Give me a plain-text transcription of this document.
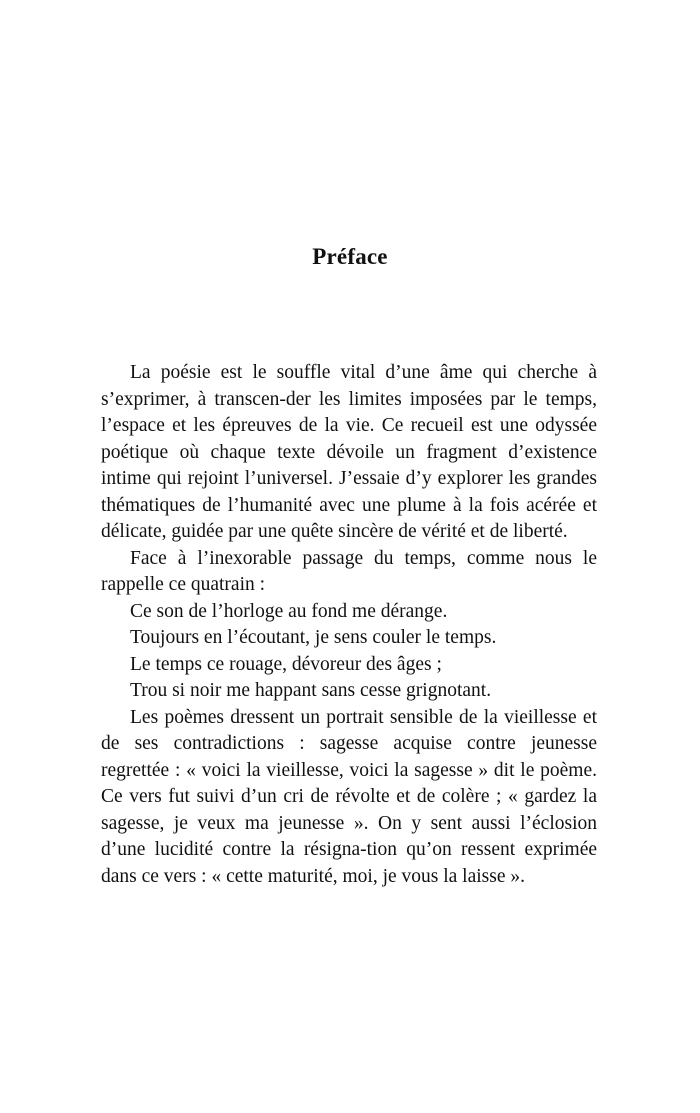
Préface

La poésie est le souffle vital d’une âme qui cherche à s’exprimer, à transcen-der les limites imposées par le temps, l’espace et les épreuves de la vie. Ce recueil est une odyssée poétique où chaque texte dévoile un fragment d’existence intime qui rejoint l’universel. J’essaie d’y explorer les grandes thématiques de l’humanité avec une plume à la fois acérée et délicate, guidée par une quête sincère de vérité et de liberté.

Face à l’inexorable passage du temps, comme nous le rappelle ce quatrain :

Ce son de l’horloge au fond me dérange.

Toujours en l’écoutant, je sens couler le temps.

Le temps ce rouage, dévoreur des âges ;

Trou si noir me happant sans cesse grignotant.

Les poèmes dressent un portrait sensible de la vieillesse et de ses contradictions : sagesse acquise contre jeunesse regrettée : « voici la vieillesse, voici la sagesse » dit le poème. Ce vers fut suivi d’un cri de révolte et de colère ; « gardez la sagesse, je veux ma jeunesse ». On y sent aussi l’éclosion d’une lucidité contre la résigna-tion qu’on ressent exprimée dans ce vers : « cette maturité, moi, je vous la laisse ».
